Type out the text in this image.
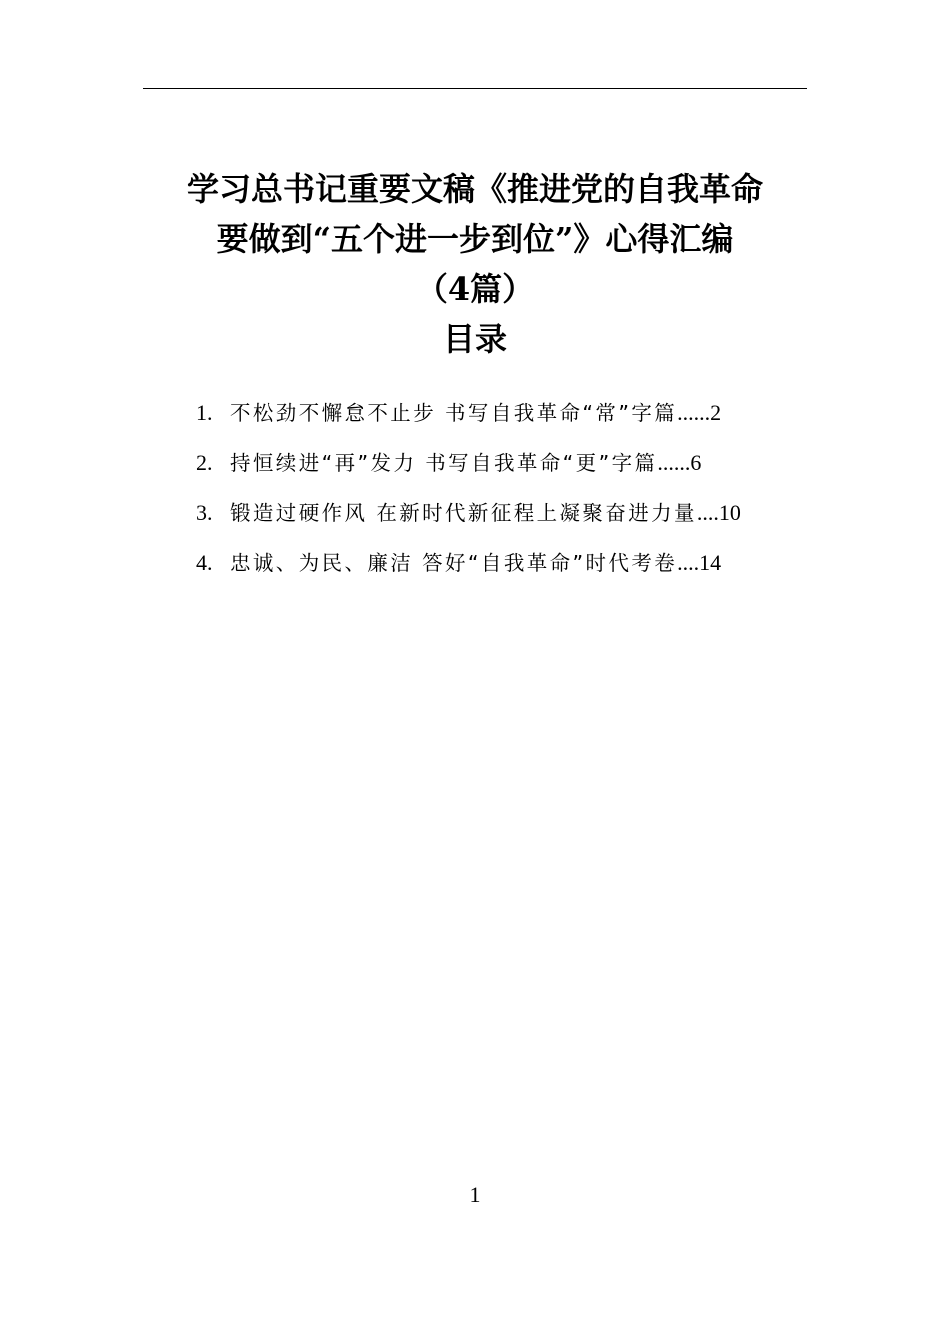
学习总书记重要文稿《推进党的自我革命
要做到“五个进一步到位”》心得汇编
（4篇）
目录
1. 不松劲不懈怠不止步 书写自我革命“常”字篇 ...... 2
2. 持恒续进“再”发力 书写自我革命“更”字篇 ...... 6
3. 锻造过硬作风 在新时代新征程上凝聚奋进力量 .... 10
4. 忠诚、为民、廉洁 答好“自我革命”时代考卷 .... 14
1
